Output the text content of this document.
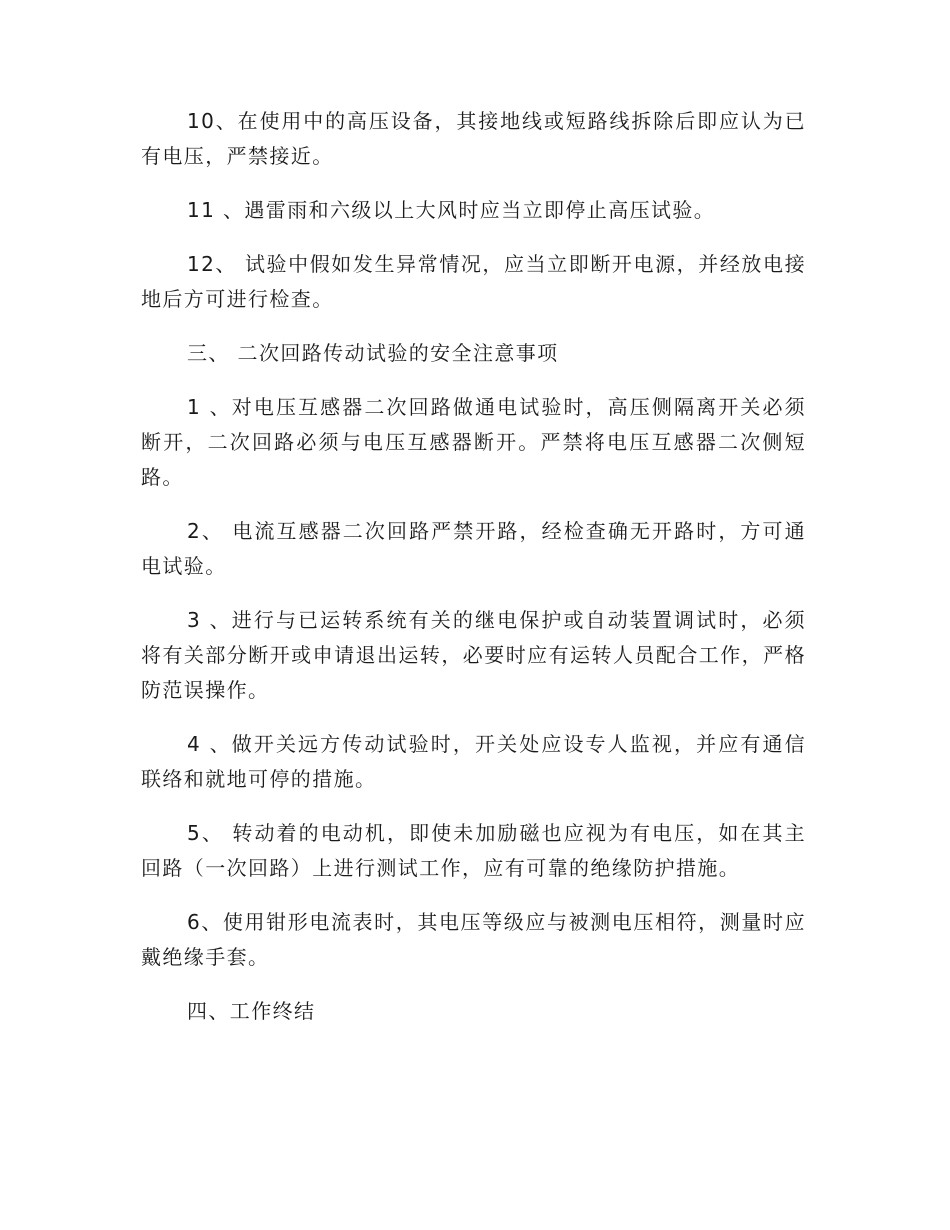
10、在使用中的高压设备，其接地线或短路线拆除后即应认为已有电压，严禁接近。

11 、遇雷雨和六级以上大风时应当立即停止高压试验。

12、 试验中假如发生异常情况，应当立即断开电源，并经放电接地后方可进行检查。

三、 二次回路传动试验的安全注意事项

1 、对电压互感器二次回路做通电试验时，高压侧隔离开关必须断开，二次回路必须与电压互感器断开。严禁将电压互感器二次侧短路。

2、 电流互感器二次回路严禁开路，经检查确无开路时，方可通电试验。

3 、进行与已运转系统有关的继电保护或自动装置调试时，必须将有关部分断开或申请退出运转，必要时应有运转人员配合工作，严格防范误操作。

4 、做开关远方传动试验时，开关处应设专人监视，并应有通信联络和就地可停的措施。

5、 转动着的电动机，即使未加励磁也应视为有电压，如在其主回路（一次回路）上进行测试工作，应有可靠的绝缘防护措施。

6、使用钳形电流表时，其电压等级应与被测电压相符，测量时应戴绝缘手套。

四、工作终结
